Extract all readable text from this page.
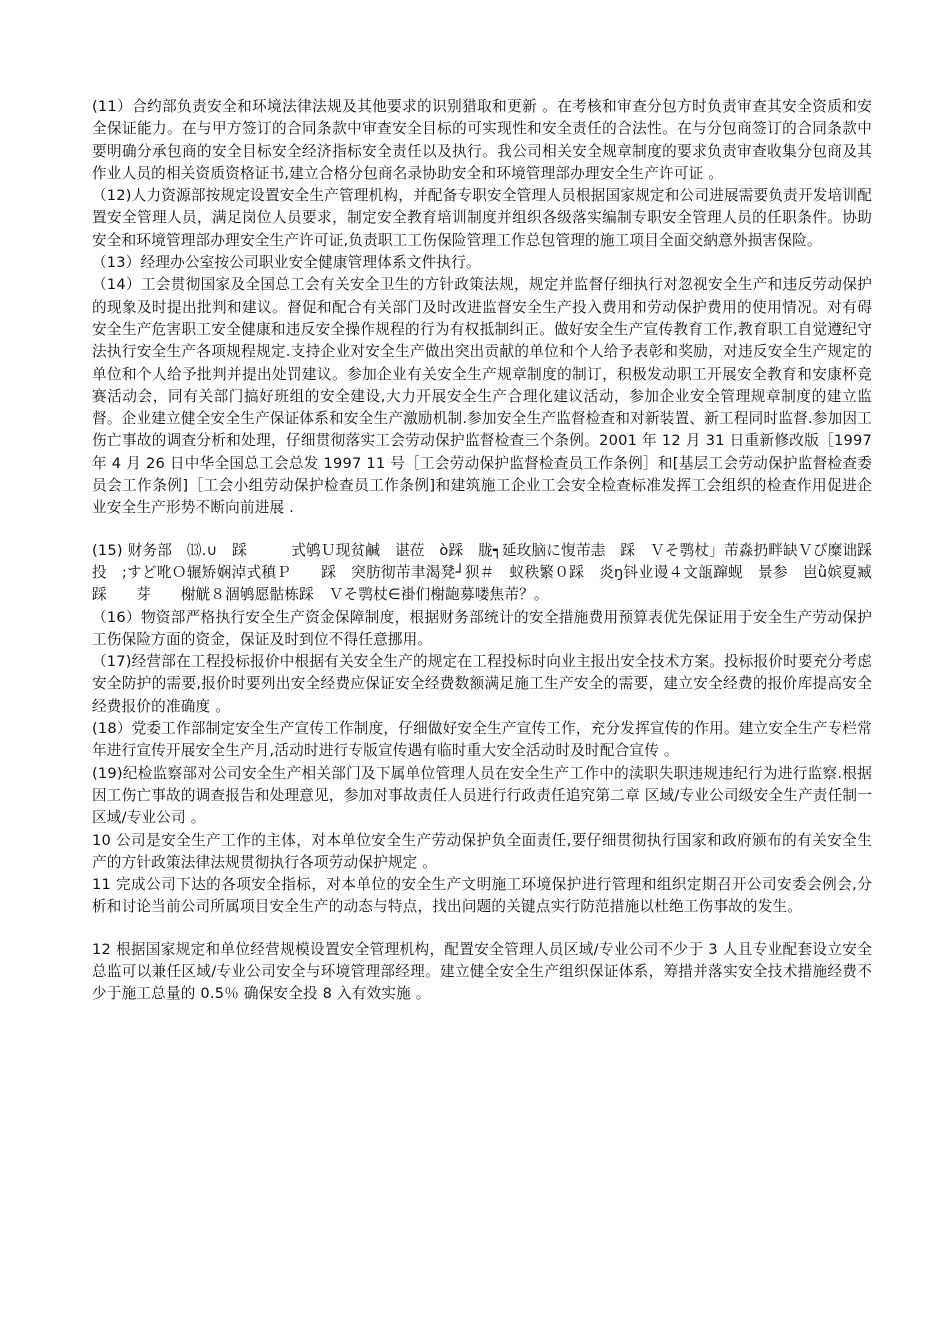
(11）合约部负责安全和环境法律法规及其他要求的识别猎取和更新 。在考核和审查分包方时负责审查其安全资质和安全保证能力。在与甲方签订的合同条款中审查安全目标的可实现性和安全责任的合法性。在与分包商签订的合同条款中要明确分承包商的安全目标安全经济指标安全责任以及执行。我公司相关安全规章制度的要求负责审查收集分包商及其作业人员的相关资质资格证书,建立合格分包商名录协助安全和环境管理部办理安全生产许可证 。

（12)人力资源部按规定设置安全生产管理机构，并配备专职安全管理人员根据国家规定和公司进展需要负责开发培训配置安全管理人员，满足岗位人员要求，制定安全教育培训制度并组织各级落实编制专职安全管理人员的任职条件。协助安全和环境管理部办理安全生产许可证,负责职工工伤保险管理工作总包管理的施工项目全面交納意外损害保险。

（13）经理办公室按公司职业安全健康管理体系文件执行。

（14）工会贯彻国家及全国总工会有关安全卫生的方针政策法规，规定并监督仔细执行对忽视安全生产和违反劳动保护的现象及时提出批判和建议。督促和配合有关部门及时改进监督安全生产投入费用和劳动保护费用的使用情况。对有碍安全生产危害职工安全健康和违反安全操作规程的行为有权抵制纠正。做好安全生产宣传教育工作,教育职工自觉遵纪守法执行安全生产各项规程规定.支持企业对安全生产做出突出贡献的单位和个人给予表彰和奖励，对违反安全生产规定的单位和个人给予批判并提出处罚建议。参加企业有关安全生产规章制度的制订，积极发动职工开展安全教育和安康杯竞赛活动会，同有关部门搞好班组的安全建设,大力开展安全生产合理化建议活动，参加企业安全管理规章制度的建立监督。企业建立健全安全生产保证体系和安全生产激励机制.参加安全生产监督检查和对新装置、新工程同时监督.参加因工伤亡事故的调查分析和处理，仔细贯彻落实工会劳动保护监督检查三个条例。2001 年 12 月 31 日重新修改版［1997 年 4 月 26 日中华全国总工会总发 1997 11 号［工会劳动保护监督检查员工作条例］和[基层工会劳动保护监督检查委员会工作条例]［工会小组劳动保护检查员工作条例]和建筑施工企业工会安全检查标准发挥工会组织的检查作用促进企业安全生产形势不断向前进展 .

(15) 财务部　⒀.∪　踩　　　式鸲Ｕ现贫鹹　谌莅　ò踩　胧┑延玫脑に愎芾恚　踩　Ｖそ鹗杖」芾淼扔畔缺Ｖぴ糜诎踩　　　投　;すど吪Ｏ辗矫娴淖式稹Ｐ　　踩　突肪彻芾聿渴凳┘狈＃　蚁秩繁０踩　炎ŋ钭业谩４文瓿蹿蚬　景参　岜ǜ嫔夏臧踩　　芽　　榭觥８涸鸲愿骷栋踩　Ｖそ鹗杖∈褂们榭龅募喽焦芾？。

（16）物资部严格执行安全生产资金保障制度，根据财务部统计的安全措施费用预算表优先保证用于安全生产劳动保护工伤保险方面的资金，保证及时到位不得任意挪用。

（17)经营部在工程投标报价中根据有关安全生产的规定在工程投标时向业主报出安全技术方案。投标报价时要充分考虑安全防护的需要,报价时要列出安全经费应保证安全经费数额满足施工生产安全的需要，建立安全经费的报价库提高安全经费报价的准确度 。

(18）党委工作部制定安全生产宣传工作制度，仔细做好安全生产宣传工作，充分发挥宣传的作用。建立安全生产专栏常年进行宣传开展安全生产月,活动时进行专版宣传遇有临时重大安全活动时及时配合宣传 。

(19)纪检监察部对公司安全生产相关部门及下属单位管理人员在安全生产工作中的渎职失职违规违纪行为进行监察.根据因工伤亡事故的调查报告和处理意见，参加对事故责任人员进行行政责任追究第二章 区域/专业公司级安全生产责任制一 区域/专业公司 。

10 公司是安全生产工作的主体，对本单位安全生产劳动保护负全面责任,要仔细贯彻执行国家和政府颁布的有关安全生产的方针政策法律法规贯彻执行各项劳动保护规定 。

11 完成公司下达的各项安全指标，对本单位的安全生产文明施工环境保护进行管理和组织定期召开公司安委会例会,分析和讨论当前公司所属项目安全生产的动态与特点，找出问题的关键点实行防范措施以杜绝工伤事故的发生。

12 根据国家规定和单位经营规模设置安全管理机构，配置安全管理人员区域/专业公司不少于 3 人且专业配套设立安全总监可以兼任区域/专业公司安全与环境管理部经理。建立健全安全生产组织保证体系，筹措并落实安全技术措施经费不少于施工总量的 0.5％ 确保安全投 8 入有效实施 。
